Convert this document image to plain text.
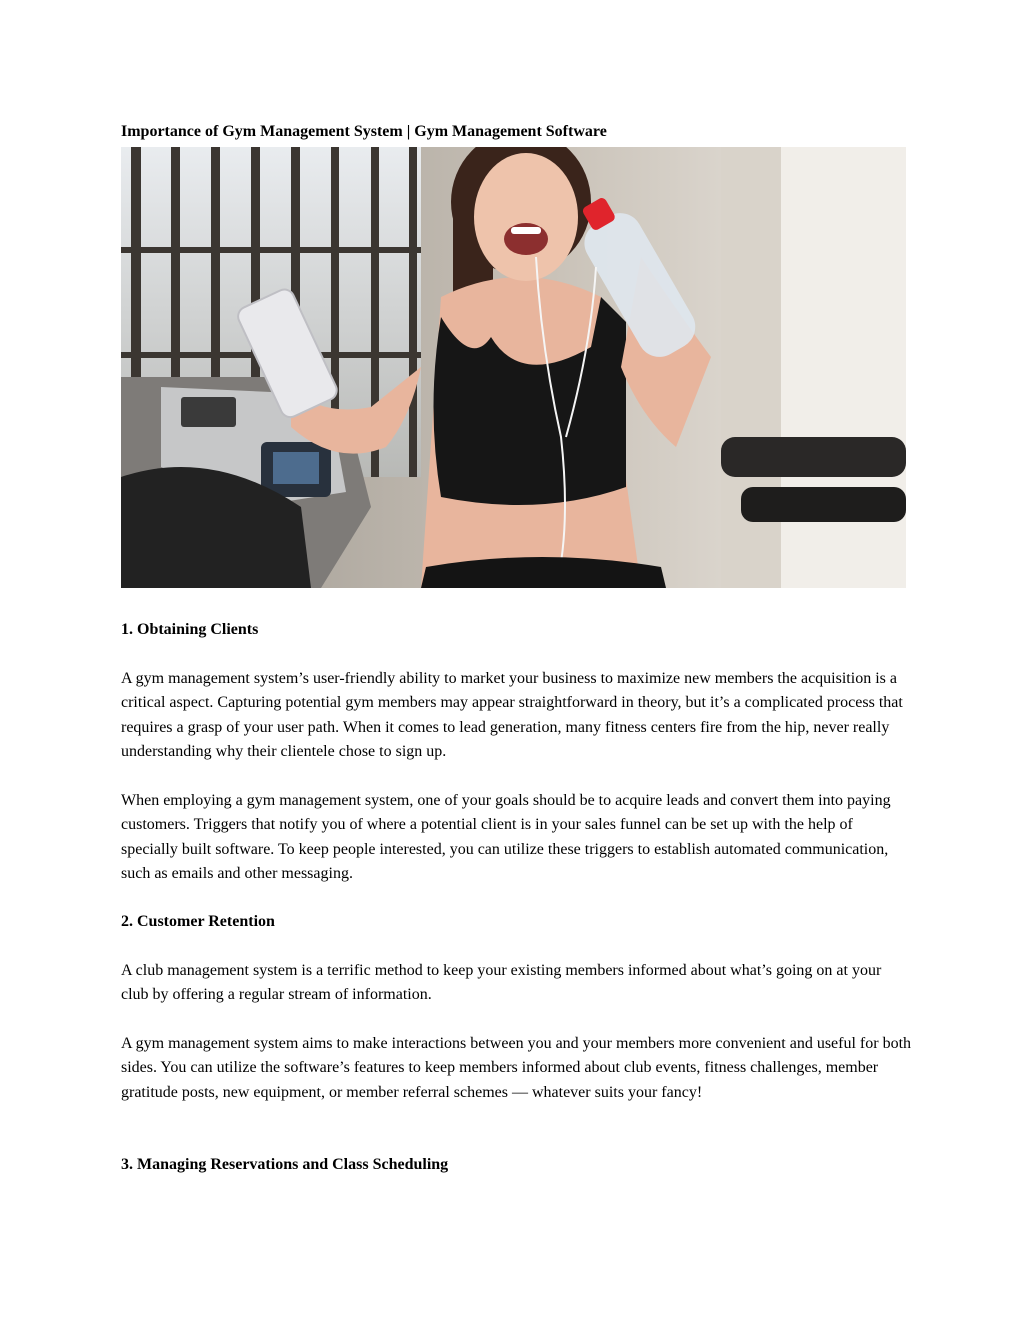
Importance of Gym Management System | Gym Management Software
1. Obtaining Clients

A gym management system’s user-friendly ability to market your business to maximize new members the acquisition is a critical aspect. Capturing potential gym members may appear straightforward in theory, but it’s a complicated process that requires a grasp of your user path. When it comes to lead generation, many fitness centers fire from the hip, never really understanding why their clientele chose to sign up.

When employing a gym management system, one of your goals should be to acquire leads and convert them into paying customers. Triggers that notify you of where a potential client is in your sales funnel can be set up with the help of specially built software. To keep people interested, you can utilize these triggers to establish automated communication, such as emails and other messaging.

2. Customer Retention

A club management system is a terrific method to keep your existing members informed about what’s going on at your club by offering a regular stream of information.

A gym management system aims to make interactions between you and your members more convenient and useful for both sides. You can utilize the software’s features to keep members informed about club events, fitness challenges, member gratitude posts, new equipment, or member referral schemes — whatever suits your fancy!

3. Managing Reservations and Class Scheduling
